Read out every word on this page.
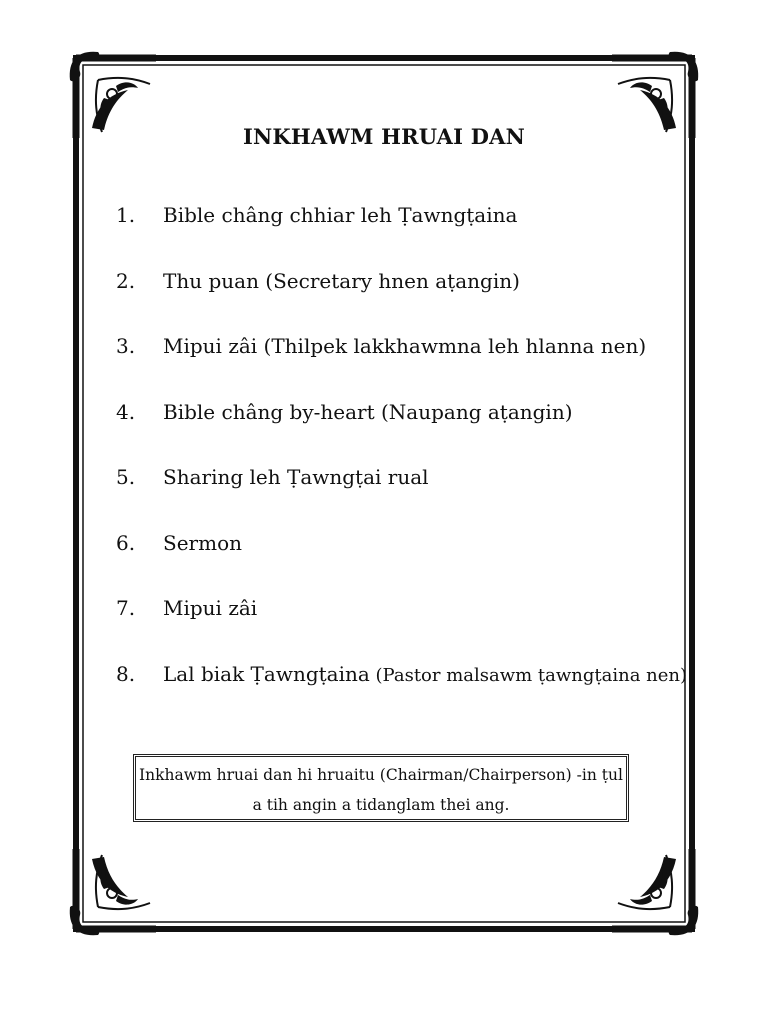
INKHAWM HRUAI DAN
1.	Bible châng chhiar leh Ṭawngṭaina
2.	Thu puan (Secretary hnen aṭangin)
3.	Mipui zâi (Thilpek lakkhawmna leh hlanna nen)
4.	Bible châng by-heart (Naupang aṭangin)
5.	Sharing leh Ṭawngṭai rual
6.	Sermon
7.	Mipui zâi
8.	Lal biak Ṭawngṭaina (Pastor malsawm ṭawngṭaina nen)
Inkhawm hruai dan hi hruaitu (Chairman/Chairperson) -in ṭul
a tih angin a tidanglam thei ang.
